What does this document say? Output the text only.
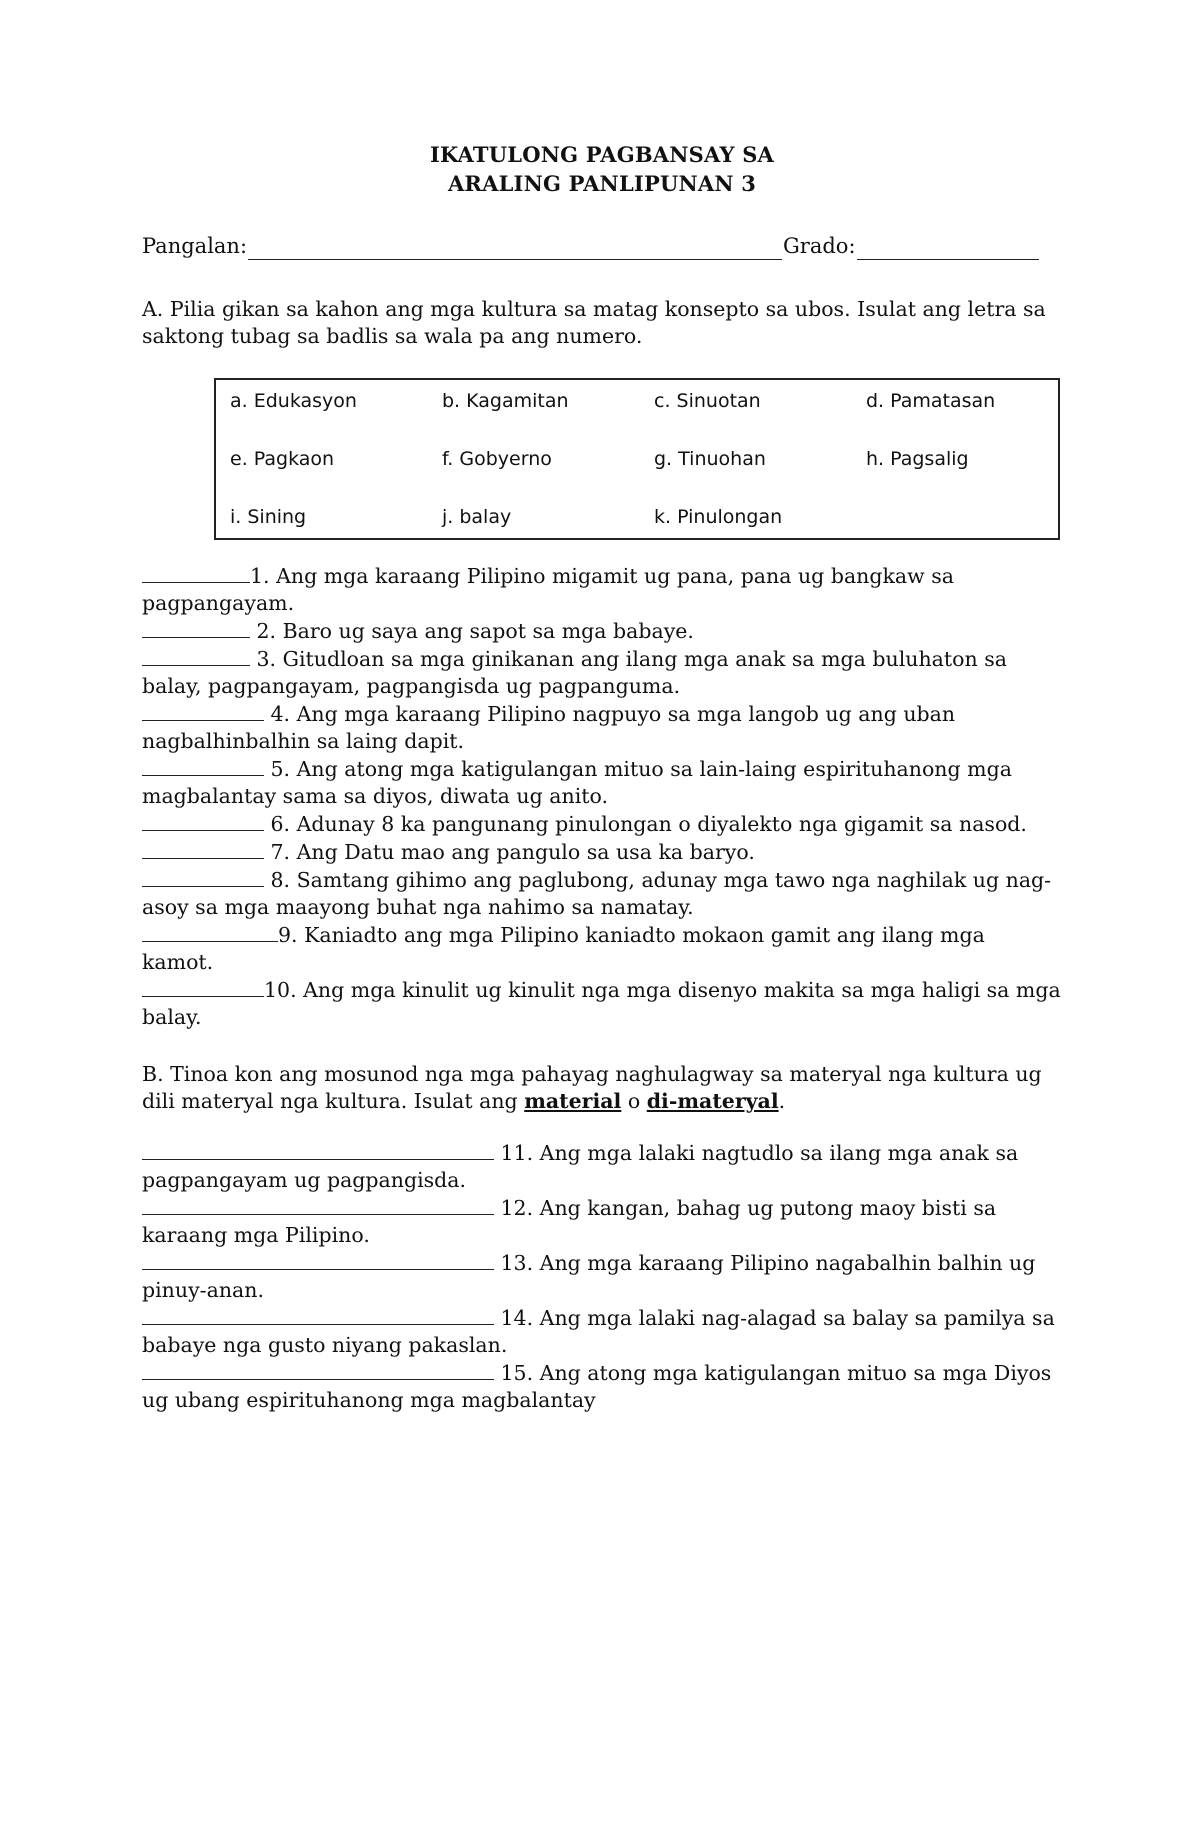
IKATULONG PAGBANSAY SA
ARALING PANLIPUNAN 3
Pangalan:	Grado:
A. Pilia gikan sa kahon ang mga kultura sa matag konsepto sa ubos. Isulat ang letra sa saktong tubag sa badlis sa wala pa ang numero.
a. Edukasyon	b. Kagamitan	c. Sinuotan	d. Pamatasan
e. Pagkaon	f. Gobyerno	g. Tinuohan	h. Pagsalig
i. Sining	j. balay	k. Pinulongan

1. Ang mga karaang Pilipino migamit ug pana, pana ug bangkaw sa pagpangayam.

2. Baro ug saya ang sapot sa mga babaye.

3. Gitudloan sa mga ginikanan ang ilang mga anak sa mga buluhaton sa balay, pagpangayam, pagpangisda ug pagpanguma.

4. Ang mga karaang Pilipino nagpuyo sa mga langob ug ang uban nagbalhinbalhin sa laing dapit.

5. Ang atong mga katigulangan mituo sa lain-laing espirituhanong mga magbalantay sama sa diyos, diwata ug anito.

6. Adunay 8 ka pangunang pinulongan o diyalekto nga gigamit sa nasod.

7. Ang Datu mao ang pangulo sa usa ka baryo.

8. Samtang gihimo ang paglubong, adunay mga tawo nga naghilak ug nag-asoy sa mga maayong buhat nga nahimo sa namatay.

9. Kaniadto ang mga Pilipino kaniadto mokaon gamit ang ilang mga kamot.

10. Ang mga kinulit ug kinulit nga mga disenyo makita sa mga haligi sa mga balay.

B. Tinoa kon ang mosunod nga mga pahayag naghulagway sa materyal nga kultura ug dili materyal nga kultura. Isulat ang material o di-materyal.

11. Ang mga lalaki nagtudlo sa ilang mga anak sa pagpangayam ug pagpangisda.

12. Ang kangan, bahag ug putong maoy bisti sa karaang mga Pilipino.

13. Ang mga karaang Pilipino nagabalhin balhin ug pinuy-anan.

14. Ang mga lalaki nag-alagad sa balay sa pamilya sa babaye nga gusto niyang pakaslan.

15. Ang atong mga katigulangan mituo sa mga Diyos ug ubang espirituhanong mga magbalantay
